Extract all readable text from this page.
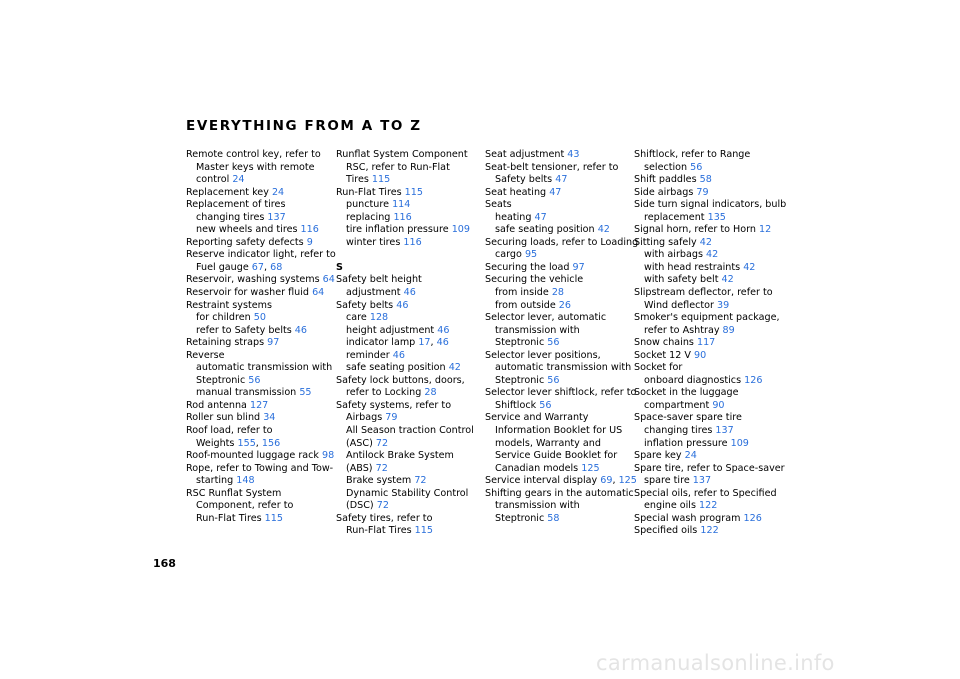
EVERYTHING FROM A TO Z
Remote control key, refer to
Master keys with remote
control 24
Replacement key 24
Replacement of tires
changing tires 137
new wheels and tires 116
Reporting safety defects 9
Reserve indicator light, refer to
Fuel gauge 67, 68
Reservoir, washing systems 64
Reservoir for washer fluid 64
Restraint systems
for children 50
refer to Safety belts 46
Retaining straps 97
Reverse
automatic transmission with
Steptronic 56
manual transmission 55
Rod antenna 127
Roller sun blind 34
Roof load, refer to
Weights 155, 156
Roof-mounted luggage rack 98
Rope, refer to Towing and Tow-
starting 148
RSC Runflat System
Component, refer to
Run-Flat Tires 115
Runflat System Component
RSC, refer to Run-Flat
Tires 115
Run-Flat Tires 115
puncture 114
replacing 116
tire inflation pressure 109
winter tires 116
S
Safety belt height
adjustment 46
Safety belts 46
care 128
height adjustment 46
indicator lamp 17, 46
reminder 46
safe seating position 42
Safety lock buttons, doors,
refer to Locking 28
Safety systems, refer to
Airbags 79
All Season traction Control
(ASC) 72
Antilock Brake System
(ABS) 72
Brake system 72
Dynamic Stability Control
(DSC) 72
Safety tires, refer to
Run-Flat Tires 115
Seat adjustment 43
Seat-belt tensioner, refer to
Safety belts 47
Seat heating 47
Seats
heating 47
safe seating position 42
Securing loads, refer to Loading
cargo 95
Securing the load 97
Securing the vehicle
from inside 28
from outside 26
Selector lever, automatic
transmission with
Steptronic 56
Selector lever positions,
automatic transmission with
Steptronic 56
Selector lever shiftlock, refer to
Shiftlock 56
Service and Warranty
Information Booklet for US
models, Warranty and
Service Guide Booklet for
Canadian models 125
Service interval display 69, 125
Shifting gears in the automatic
transmission with
Steptronic 58
Shiftlock, refer to Range
selection 56
Shift paddles 58
Side airbags 79
Side turn signal indicators, bulb
replacement 135
Signal horn, refer to Horn 12
Sitting safely 42
with airbags 42
with head restraints 42
with safety belt 42
Slipstream deflector, refer to
Wind deflector 39
Smoker's equipment package,
refer to Ashtray 89
Snow chains 117
Socket 12 V 90
Socket for
onboard diagnostics 126
Socket in the luggage
compartment 90
Space-saver spare tire
changing tires 137
inflation pressure 109
Spare key 24
Spare tire, refer to Space-saver
spare tire 137
Special oils, refer to Specified
engine oils 122
Special wash program 126
Specified oils 122

168

carmanualsonline.info
